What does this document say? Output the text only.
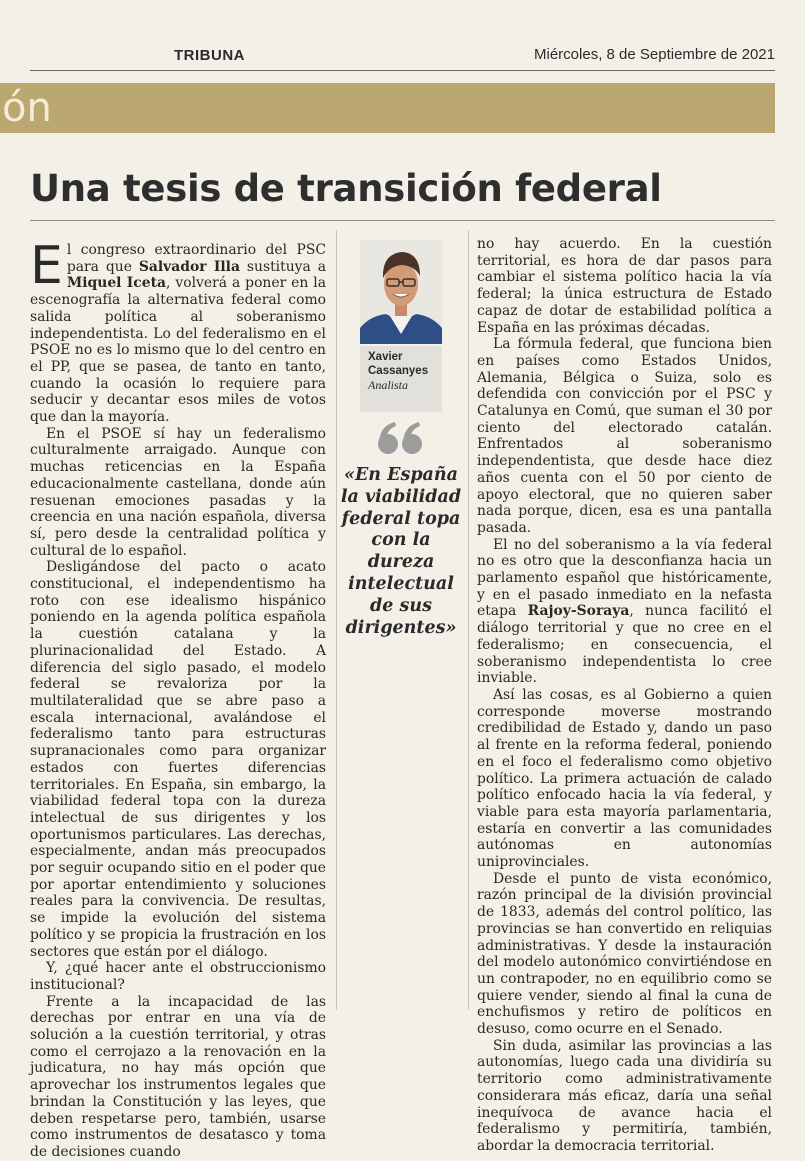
TRIBUNA	Miércoles, 8 de Septiembre de 2021
ón
Una tesis de transición federal

El congreso extraordinario del PSC para que Salvador Illa sustituya a Miquel Iceta, volverá a poner en la escenografía la alternativa federal como salida política al soberanismo independentista. Lo del federalismo en el PSOE no es lo mismo que lo del centro en el PP, que se pasea, de tanto en tanto, cuando la ocasión lo requiere para seducir y decantar esos miles de votos que dan la mayoría.

En el PSOE sí hay un federalismo culturalmente arraigado. Aunque con muchas reticencias en la España educacionalmente castellana, donde aún resuenan emociones pasadas y la creencia en una nación española, diversa sí, pero desde la centralidad política y cultural de lo español.

Desligándose del pacto o acato constitucional, el independentismo ha roto con ese idealismo hispánico poniendo en la agenda política española la cuestión catalana y la plurinacionalidad del Estado. A diferencia del siglo pasado, el modelo federal se revaloriza por la multilateralidad que se abre paso a escala internacional, avalándose el federalismo tanto para estructuras supranacionales como para organizar estados con fuertes diferencias territoriales. En España, sin embargo, la viabilidad federal topa con la dureza intelectual de sus dirigentes y los oportunismos particulares. Las derechas, especialmente, andan más preocupados por seguir ocupando sitio en el poder que por aportar entendimiento y soluciones reales para la convivencia. De resultas, se impide la evolución del sistema político y se propicia la frustración en los sectores que están por el diálogo.

Y, ¿qué hacer ante el obstruccionismo institucional?

Frente a la incapacidad de las derechas por entrar en una vía de solución a la cuestión territorial, y otras como el cerrojazo a la renovación en la judicatura, no hay más opción que aprovechar los instrumentos legales que brindan la Constitución y las leyes, que deben respetarse pero, también, usarse como instrumentos de desatasco y toma de decisiones cuando

Xavier
Cassanyes
Analista
«En España la viabilidad federal topa con la dureza intelectual de sus dirigentes»

no hay acuerdo. En la cuestión territorial, es hora de dar pasos para cambiar el sistema político hacia la vía federal; la única estructura de Estado capaz de dotar de estabilidad política a España en las próximas décadas.

La fórmula federal, que funciona bien en países como Estados Unidos, Alemania, Bélgica o Suiza, solo es defendida con convicción por el PSC y Catalunya en Comú, que suman el 30 por ciento del electorado catalán. Enfrentados al soberanismo independentista, que desde hace diez años cuenta con el 50 por ciento de apoyo electoral, que no quieren saber nada porque, dicen, esa es una pantalla pasada.

El no del soberanismo a la vía federal no es otro que la desconfianza hacia un parlamento español que históricamente, y en el pasado inmediato en la nefasta etapa Rajoy-Soraya, nunca facilitó el diálogo territorial y que no cree en el federalismo; en consecuencia, el soberanismo independentista lo cree inviable.

Así las cosas, es al Gobierno a quien corresponde moverse mostrando credibilidad de Estado y, dando un paso al frente en la reforma federal, poniendo en el foco el federalismo como objetivo político. La primera actuación de calado político enfocado hacia la vía federal, y viable para esta mayoría parlamentaria, estaría en convertir a las comunidades autónomas en autonomías uniprovinciales.

Desde el punto de vista económico, razón principal de la división provincial de 1833, además del control político, las provincias se han convertido en reliquias administrativas. Y desde la instauración del modelo autonómico convirtiéndose en un contrapoder, no en equilibrio como se quiere vender, siendo al final la cuna de enchufismos y retiro de políticos en desuso, como ocurre en el Senado.

Sin duda, asimilar las provincias a las autonomías, luego cada una dividiría su territorio como administrativamente considerara más eficaz, daría una señal inequívoca de avance hacia el federalismo y permitiría, también, abordar la democracia territorial.
